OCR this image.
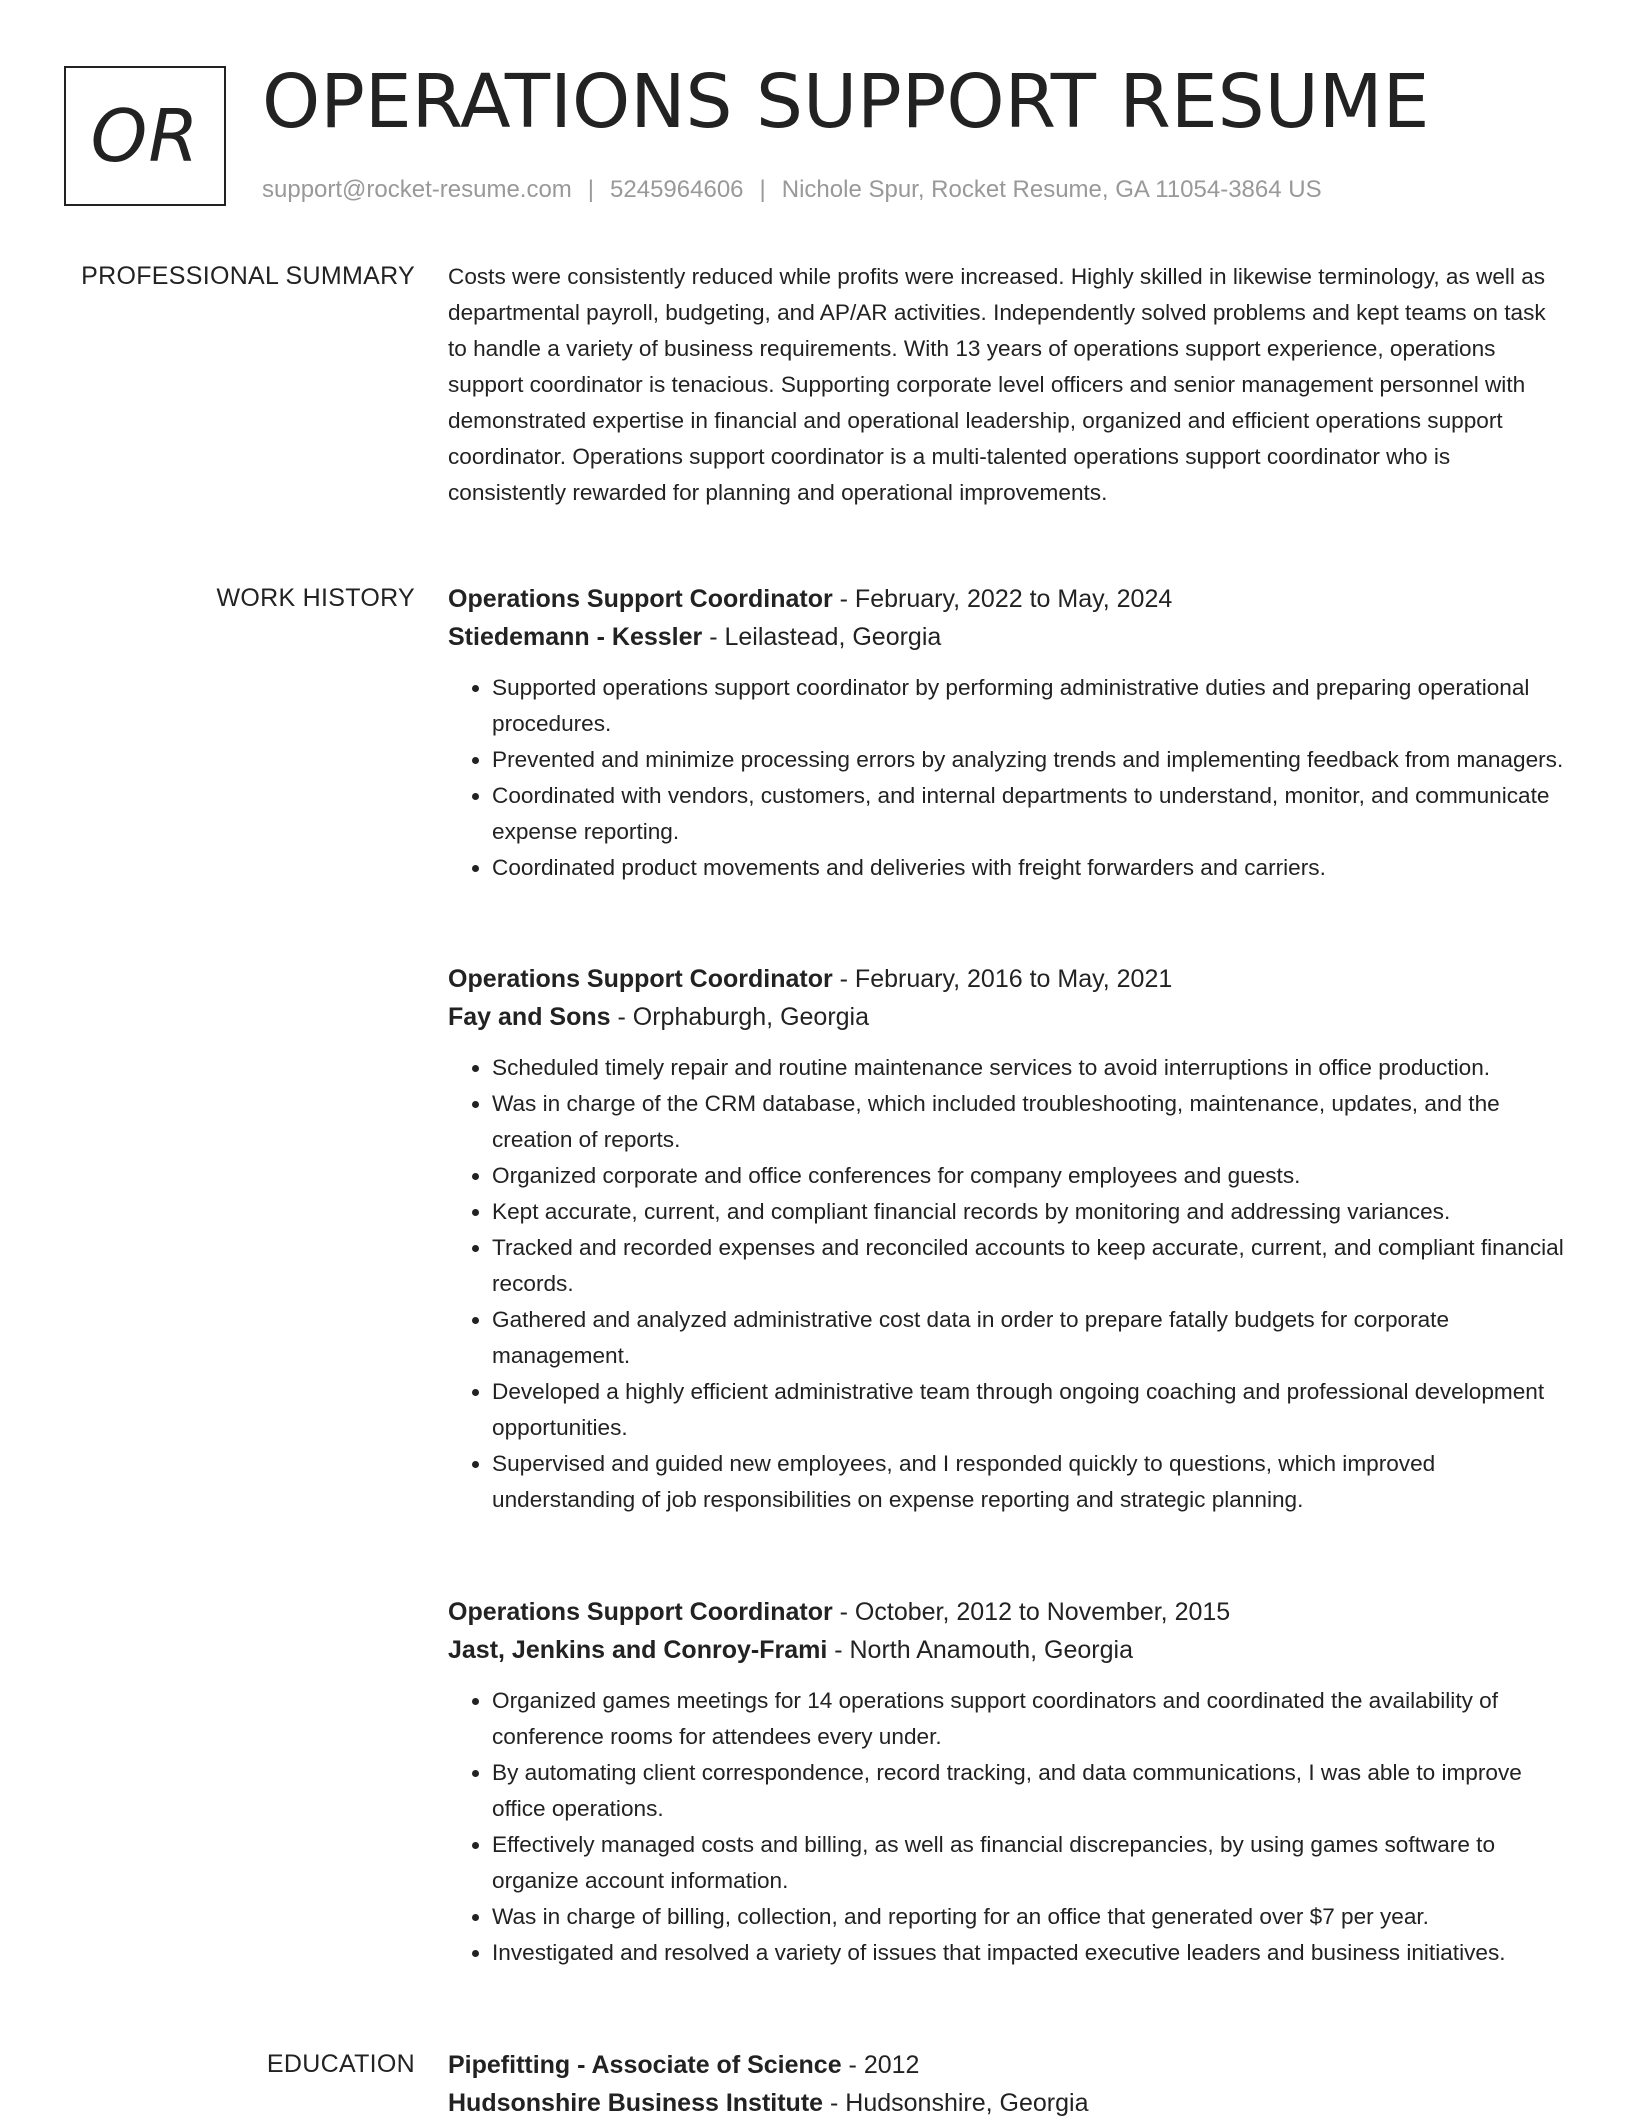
OR OPERATIONS SUPPORT RESUME
support@rocket-resume.com | 5245964606 | Nichole Spur, Rocket Resume, GA 11054-3864 US
PROFESSIONAL SUMMARY Costs were consistently reduced while profits were increased. Highly skilled in likewise terminology, as well as departmental payroll, budgeting, and AP/AR activities. Independently solved problems and kept teams on task to handle a variety of business requirements. With 13 years of operations support experience, operations support coordinator is tenacious. Supporting corporate level officers and senior management personnel with demonstrated expertise in financial and operational leadership, organized and efficient operations support coordinator. Operations support coordinator is a multi-talented operations support coordinator who is consistently rewarded for planning and operational improvements.

WORK HISTORY Operations Support Coordinator - February, 2022 to May, 2024

Stiedemann - Kessler - Leilastead, Georgia

• Supported operations support coordinator by performing administrative duties and preparing operational procedures.
• Prevented and minimize processing errors by analyzing trends and implementing feedback from managers.
• Coordinated with vendors, customers, and internal departments to understand, monitor, and communicate expense reporting.
• Coordinated product movements and deliveries with freight forwarders and carriers.

Operations Support Coordinator - February, 2016 to May, 2021

Fay and Sons - Orphaburgh, Georgia

• Scheduled timely repair and routine maintenance services to avoid interruptions in office production.
• Was in charge of the CRM database, which included troubleshooting, maintenance, updates, and the creation of reports.
• Organized corporate and office conferences for company employees and guests.
• Kept accurate, current, and compliant financial records by monitoring and addressing variances.
• Tracked and recorded expenses and reconciled accounts to keep accurate, current, and compliant financial records.
• Gathered and analyzed administrative cost data in order to prepare fatally budgets for corporate management.
• Developed a highly efficient administrative team through ongoing coaching and professional development opportunities.
• Supervised and guided new employees, and I responded quickly to questions, which improved understanding of job responsibilities on expense reporting and strategic planning.

Operations Support Coordinator - October, 2012 to November, 2015

Jast, Jenkins and Conroy-Frami - North Anamouth, Georgia

• Organized games meetings for 14 operations support coordinators and coordinated the availability of conference rooms for attendees every under.
• By automating client correspondence, record tracking, and data communications, I was able to improve office operations.
• Effectively managed costs and billing, as well as financial discrepancies, by using games software to organize account information.
• Was in charge of billing, collection, and reporting for an office that generated over $7 per year.
• Investigated and resolved a variety of issues that impacted executive leaders and business initiatives.
EDUCATION Pipefitting - Associate of Science - 2012

Hudsonshire Business Institute - Hudsonshire, Georgia
